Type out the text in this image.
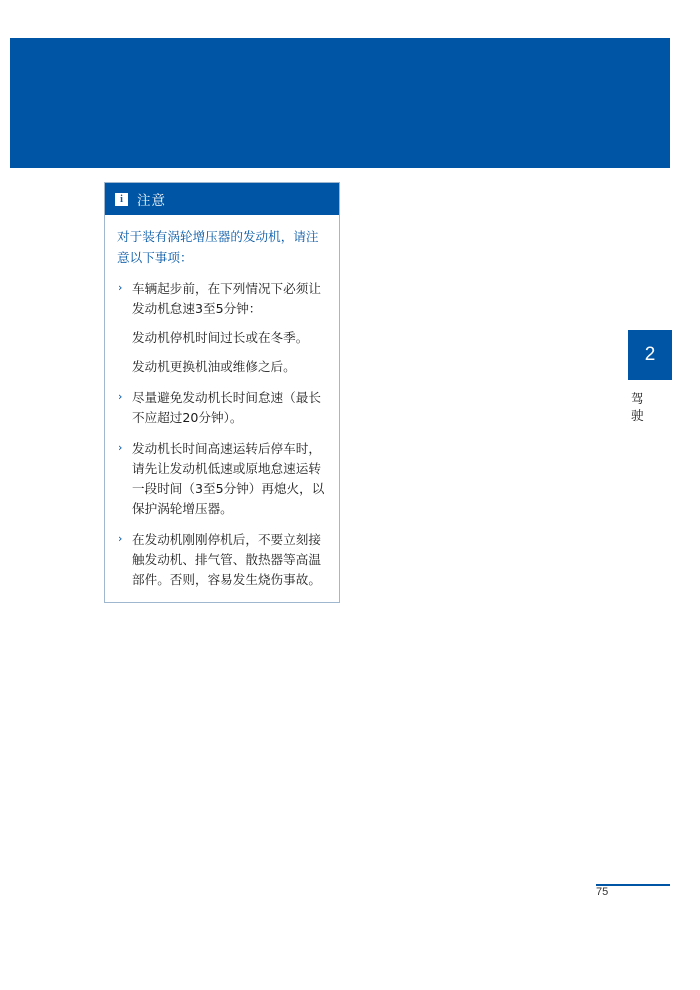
2
驾驶
i	注意
对于装有涡轮增压器的发动机，请注意以下事项：
› 车辆起步前，在下列情况下必须让发动机怠速3至5分钟：
发动机停机时间过长或在冬季。
发动机更换机油或维修之后。
› 尽量避免发动机长时间怠速（最长不应超过20分钟）。
› 发动机长时间高速运转后停车时，请先让发动机低速或原地怠速运转一段时间（3至5分钟）再熄火，以保护涡轮增压器。
› 在发动机刚刚停机后，不要立刻接触发动机、排气管、散热器等高温部件。否则，容易发生烧伤事故。
75
